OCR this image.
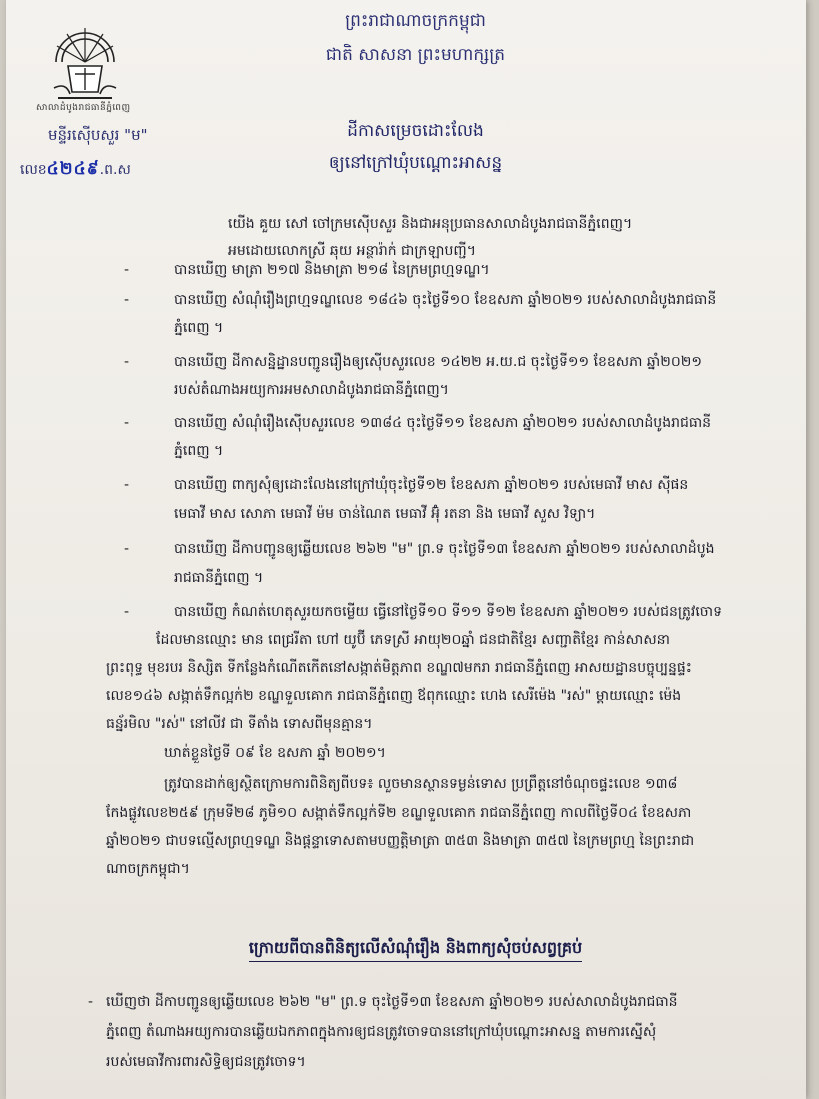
សាលាដំបូងរាជធានីភ្នំពេញ
មន្ទីរស៊ើបសួរ "ម"
លេខ៤២៤៩.ព.ស
ព្រះរាជាណាចក្រកម្ពុជា
ជាតិ សាសនា ព្រះមហាក្សត្រ
ដីកាសម្រេចដោះលែង
ឲ្យនៅក្រៅឃុំបណ្ដោះអាសន្ន
យើង គួយ សៅ ចៅក្រមស៊ើបសួរ និងជាអនុប្រធានសាលាដំបូងរាជធានីភ្នំពេញ។
អមដោយលោកស្រី ឆុយ អន្ថារ៉ាក់ ជាក្រឡាបញ្ជី។
-	បានឃើញ មាត្រា ២១៧ និងមាត្រា ២១៨ នៃក្រមព្រហ្មទណ្ឌ។
-	បានឃើញ សំណុំរឿងព្រហ្មទណ្ឌលេខ ១៨៤៦ ចុះថ្ងៃទី១០ ខែឧសភា ឆ្នាំ២០២១ របស់សាលាដំបូងរាជធានី
ភ្នំពេញ ។
-	បានឃើញ ដីកាសន្និដ្ឋានបញ្ជូនរឿងឲ្យស៊ើបសួរលេខ ១៤២២ អ.យ.ជ ចុះថ្ងៃទី១១ ខែឧសភា ឆ្នាំ២០២១
របស់តំណាងអយ្យការអមសាលាដំបូងរាជធានីភ្នំពេញ។
-	បានឃើញ សំណុំរឿងស៊ើបសួរលេខ ១៣៨៤ ចុះថ្ងៃទី១១ ខែឧសភា ឆ្នាំ២០២១ របស់សាលាដំបូងរាជធានី
ភ្នំពេញ ។
-	បានឃើញ ពាក្យសុំឲ្យដោះលែងនៅក្រៅឃុំចុះថ្ងៃទី១២ ខែឧសភា ឆ្នាំ២០២១ របស់មេធាវី មាស ស៊ីផន
មេធាវី មាស សោភា មេធាវី ម៉ម ចាន់ណៃត មេធាវី អ៊ុំ រតនា និង មេធាវី សួស វិទ្យា។
-	បានឃើញ ដីកាបញ្ជូនឲ្យឆ្លើយលេខ ២៦២ "ម" ព្រ.ទ ចុះថ្ងៃទី១៣ ខែឧសភា ឆ្នាំ២០២១ របស់សាលាដំបូង
រាជធានីភ្នំពេញ ។
-	បានឃើញ កំណត់ហេតុសួរយកចម្លើយ ធ្វើនៅថ្ងៃទី១០ ទី១១ ទី១២ ខែឧសភា ឆ្នាំ២០២១ របស់ជនត្រូវចោទ
ដែលមានឈ្មោះ មាន ពេជ្ររីតា ហៅ យូប៊ី ភេទស្រី អាយុ២០ឆ្នាំ ជនជាតិខ្មែរ សញ្ជាតិខ្មែរ កាន់សាសនា
ព្រះពុទ្ធ មុខរបរ និស្សិត ទីកន្លែងកំណើតកើតនៅសង្កាត់មិត្តភាព ខណ្ឌ៧មករា រាជធានីភ្នំពេញ អាសយដ្ឋានបច្ចុប្បន្នផ្ទះ
លេខ១៤៦ សង្កាត់ទឹកល្អក់២ ខណ្ឌទួលគោក រាជធានីភ្នំពេញ ឪពុកឈ្មោះ ហេង សេរីម៉េង "រស់" ម្ដាយឈ្មោះ ម៉េង
ធន្ន័រមិល "រស់" នៅលីវ ជា ទីតាំង ទោសពីមុនគ្មាន។
ឃាត់ខ្លួនថ្ងៃទី ០៩ ខែ ឧសភា ឆ្នាំ ២០២១។
ត្រូវបានដាក់ឲ្យស្ថិតក្រោមការពិនិត្យពីបទ៖ លួចមានស្ថានទម្ងន់ទោស ប្រព្រឹត្តនៅចំណុចផ្ទះលេខ ១៣៨
កែងផ្លូវលេខ២៥៩ ក្រុមទី២៨ ភូមិ១០ សង្កាត់ទឹកល្អក់ទី២ ខណ្ឌទួលគោក រាជធានីភ្នំពេញ កាលពីថ្ងៃទី០៤ ខែឧសភា
ឆ្នាំ២០២១ ជាបទល្មើសព្រហ្មទណ្ឌ និងផ្តន្ទាទោសតាមបញ្ញត្តិមាត្រា ៣៥៣ និងមាត្រា ៣៥៧ នៃក្រមព្រហ្ម នៃព្រះរាជា
ណាចក្រកម្ពុជា។
ក្រោយពីបានពិនិត្យលើសំណុំរឿង និងពាក្យសុំចប់សព្វគ្រប់
- ឃើញថា ដីកាបញ្ជូនឲ្យឆ្លើយលេខ ២៦២ "ម" ព្រ.ទ ចុះថ្ងៃទី១៣ ខែឧសភា ឆ្នាំ២០២១ របស់សាលាដំបូងរាជធានី
ភ្នំពេញ តំណាងអយ្យការបានឆ្លើយឯកភាពក្នុងការឲ្យជនត្រូវចោទបាននៅក្រៅឃុំបណ្ដោះអាសន្ន តាមការស្នើសុំ
របស់មេធាវីការពារសិទ្ធិឲ្យជនត្រូវចោទ។
